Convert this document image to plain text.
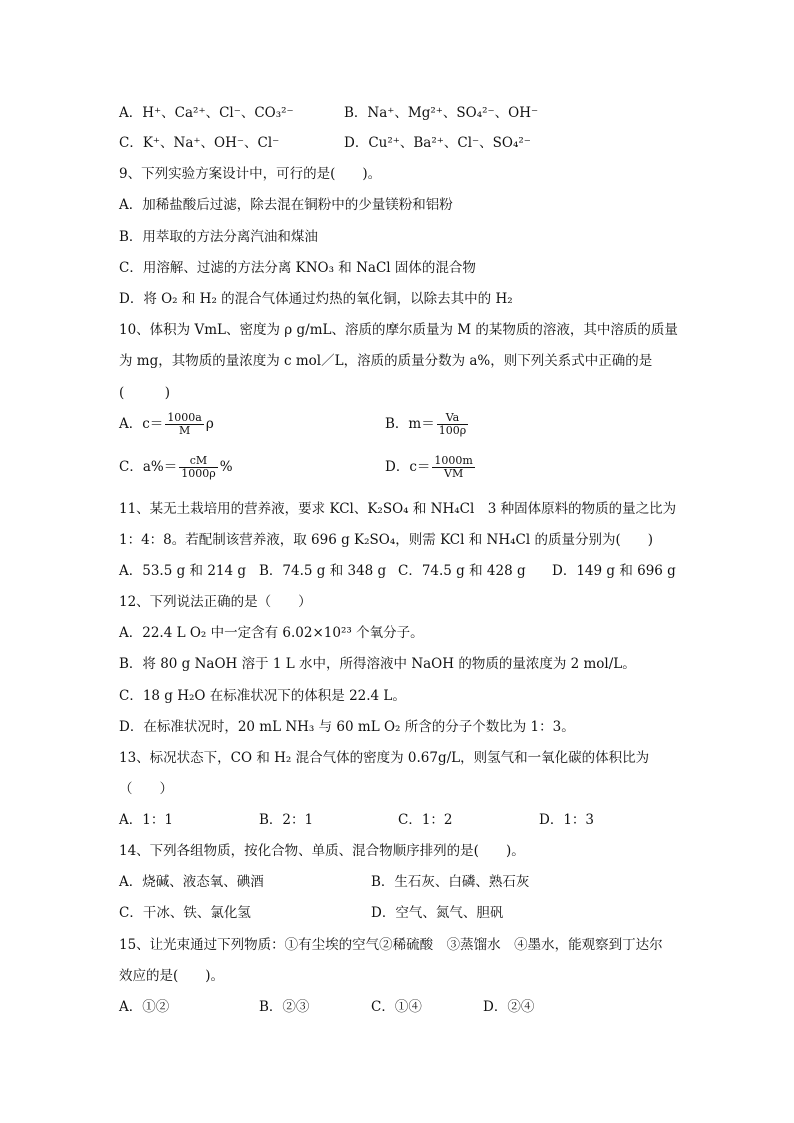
A．H⁺、Ca²⁺、Cl⁻、CO₃²⁻	B．Na⁺、Mg²⁺、SO₄²⁻、OH⁻
C．K⁺、Na⁺、OH⁻、Cl⁻	D．Cu²⁺、Ba²⁺、Cl⁻、SO₄²⁻
9、下列实验方案设计中，可行的是(　　)。
A．加稀盐酸后过滤，除去混在铜粉中的少量镁粉和铝粉
B．用萃取的方法分离汽油和煤油
C．用溶解、过滤的方法分离 KNO₃ 和 NaCl 固体的混合物
D．将 O₂ 和 H₂ 的混合气体通过灼热的氧化铜，以除去其中的 H₂
10、体积为 VmL、密度为 ρ g/mL、溶质的摩尔质量为 M 的某物质的溶液，其中溶质的质量
为 mg，其物质的量浓度为 c mol／L，溶质的质量分数为 a%，则下列关系式中正确的是
(　　　)
A．$c= \frac{1000a}{M}$ ρ	B．$m= \frac{Va}{100\rho}$
C．$a\%= \frac{cM}{1000\rho}$ %	D．$c= \frac{1000m}{VM}$
11、某无土栽培用的营养液，要求 KCl、K₂SO₄ 和 NH₄Cl　3 种固体原料的物质的量之比为
1：4：8。若配制该营养液，取 696 g K₂SO₄，则需 KCl 和 NH₄Cl 的质量分别为(　　)
A．53.5 g 和 214 g B．74.5 g 和 348 g C．74.5 g 和 428 g D．149 g 和 696 g
12、下列说法正确的是（　　）
A．22.4 L O₂ 中一定含有 6.02×10²³ 个氧分子。
B．将 80 g NaOH 溶于 1 L 水中，所得溶液中 NaOH 的物质的量浓度为 2 mol/L。
C．18 g H₂O 在标准状况下的体积是 22.4 L。
D．在标准状况时，20 mL NH₃ 与 60 mL O₂ 所含的分子个数比为 1：3。
13、标况状态下，CO 和 H₂ 混合气体的密度为 0.67g/L，则氢气和一氧化碳的体积比为
（　　）
A．1：1	B．2：1	C．1：2	D．1：3
14、下列各组物质，按化合物、单质、混合物顺序排列的是(　　)。
A．烧碱、液态氧、碘酒	B．生石灰、白磷、熟石灰
C．干冰、铁、氯化氢	D．空气、氮气、胆矾
15、让光束通过下列物质：①有尘埃的空气②稀硫酸　③蒸馏水　④墨水，能观察到丁达尔
效应的是(　　)。
A．①②	B．②③	C．①④	D．②④
